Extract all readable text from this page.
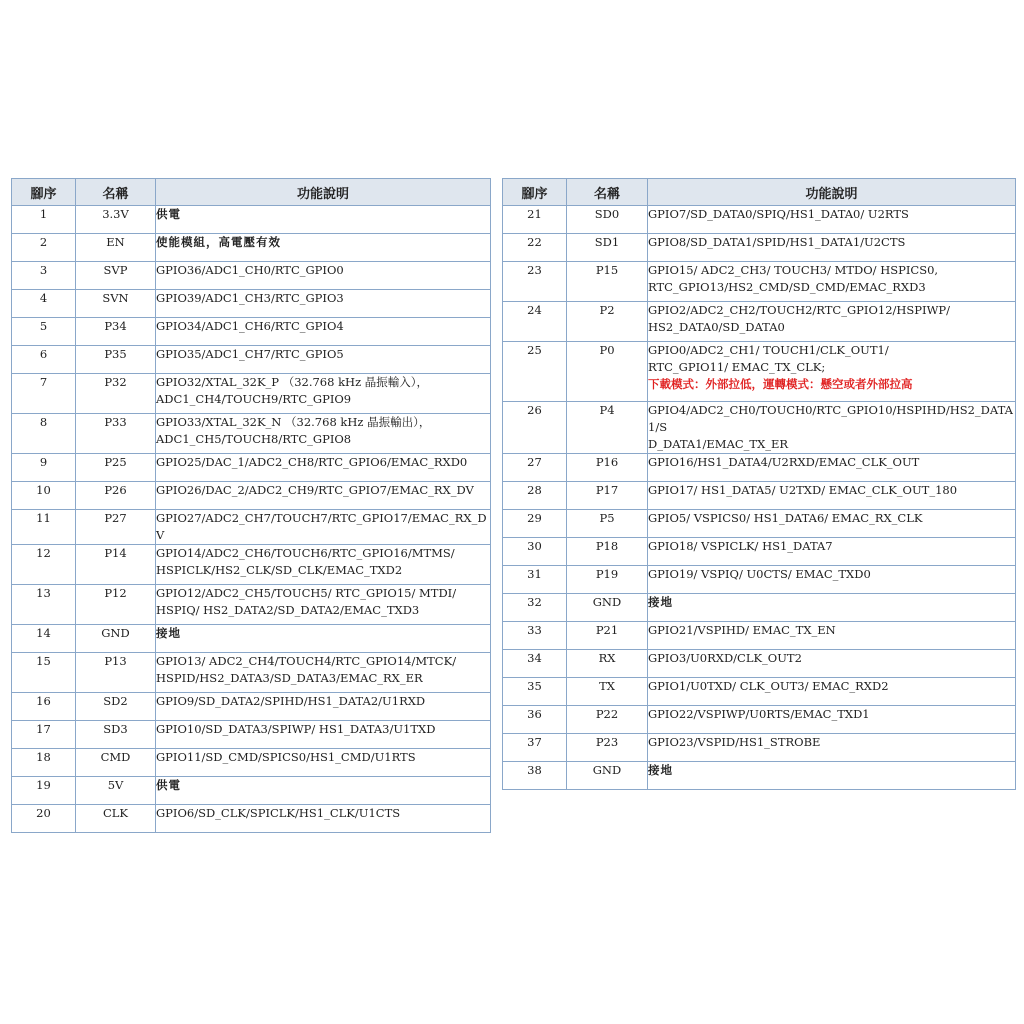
腳序	名稱	功能說明
1	3.3V	供電

2	EN	使能模組，高電壓有效

3	SVP	GPIO36/ADC1_CH0/RTC_GPIO0

4	SVN	GPIO39/ADC1_CH3/RTC_GPIO3

5	P34	GPIO34/ADC1_CH6/RTC_GPIO4

6	P35	GPIO35/ADC1_CH7/RTC_GPIO5

7	P32	GPIO32/XTAL_32K_P （32.768 kHz 晶振輸入），
ADC1_CH4/TOUCH9/RTC_GPIO9

8	P33	GPIO33/XTAL_32K_N （32.768 kHz 晶振輸出），
ADC1_CH5/TOUCH8/RTC_GPIO8

9	P25	GPIO25/DAC_1/ADC2_CH8/RTC_GPIO6/EMAC_RXD0

10	P26	GPIO26/DAC_2/ADC2_CH9/RTC_GPIO7/EMAC_RX_DV

11	P27	GPIO27/ADC2_CH7/TOUCH7/RTC_GPIO17/EMAC_RX_DV

12	P14	GPIO14/ADC2_CH6/TOUCH6/RTC_GPIO16/MTMS/
HSPICLK/HS2_CLK/SD_CLK/EMAC_TXD2

13	P12	GPIO12/ADC2_CH5/TOUCH5/ RTC_GPIO15/ MTDI/
HSPIQ/ HS2_DATA2/SD_DATA2/EMAC_TXD3

14	GND	接地

15	P13	GPIO13/ ADC2_CH4/TOUCH4/RTC_GPIO14/MTCK/
HSPID/HS2_DATA3/SD_DATA3/EMAC_RX_ER

16	SD2	GPIO9/SD_DATA2/SPIHD/HS1_DATA2/U1RXD

17	SD3	GPIO10/SD_DATA3/SPIWP/ HS1_DATA3/U1TXD

18	CMD	GPIO11/SD_CMD/SPICS0/HS1_CMD/U1RTS

19	5V	供電

20	CLK	GPIO6/SD_CLK/SPICLK/HS1_CLK/U1CTS
腳序	名稱	功能說明
21	SD0	GPIO7/SD_DATA0/SPIQ/HS1_DATA0/ U2RTS

22	SD1	GPIO8/SD_DATA1/SPID/HS1_DATA1/U2CTS

23	P15	GPIO15/ ADC2_CH3/ TOUCH3/ MTDO/ HSPICS0,
RTC_GPIO13/HS2_CMD/SD_CMD/EMAC_RXD3

24	P2	GPIO2/ADC2_CH2/TOUCH2/RTC_GPIO12/HSPIWP/
HS2_DATA0/SD_DATA0

25	P0	GPIO0/ADC2_CH1/ TOUCH1/CLK_OUT1/
RTC_GPIO11/ EMAC_TX_CLK;
下載模式：外部拉低，運轉模式：懸空或者外部拉高

26	P4	GPIO4/ADC2_CH0/TOUCH0/RTC_GPIO10/HSPIHD/HS2_DATA1/S
D_DATA1/EMAC_TX_ER

27	P16	GPIO16/HS1_DATA4/U2RXD/EMAC_CLK_OUT

28	P17	GPIO17/ HS1_DATA5/ U2TXD/ EMAC_CLK_OUT_180

29	P5	GPIO5/ VSPICS0/ HS1_DATA6/ EMAC_RX_CLK

30	P18	GPIO18/ VSPICLK/ HS1_DATA7

31	P19	GPIO19/ VSPIQ/ U0CTS/ EMAC_TXD0

32	GND	接地

33	P21	GPIO21/VSPIHD/ EMAC_TX_EN

34	RX	GPIO3/U0RXD/CLK_OUT2

35	TX	GPIO1/U0TXD/ CLK_OUT3/ EMAC_RXD2

36	P22	GPIO22/VSPIWP/U0RTS/EMAC_TXD1

37	P23	GPIO23/VSPID/HS1_STROBE

38	GND	接地
